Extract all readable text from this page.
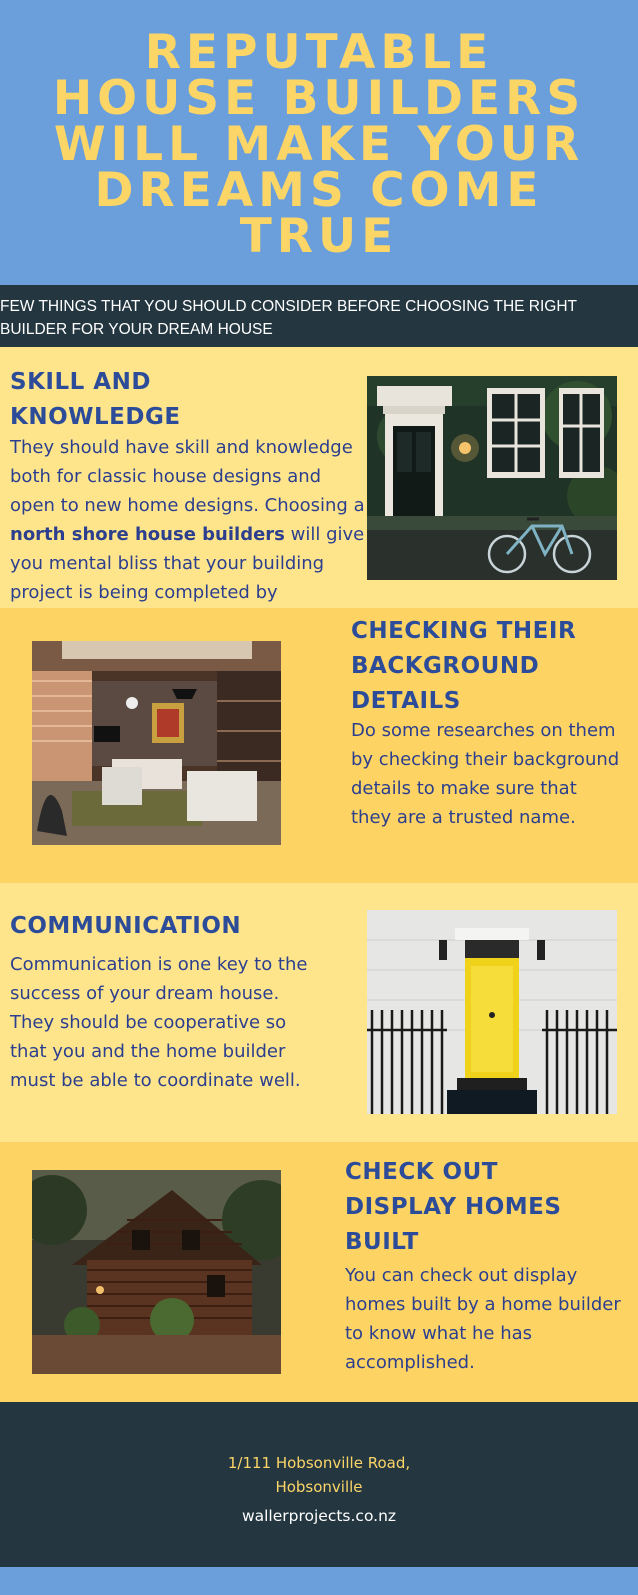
REPUTABLE
HOUSE BUILDERS
WILL MAKE YOUR
DREAMS COME
TRUE

FEW THINGS THAT YOU SHOULD CONSIDER BEFORE CHOOSING THE RIGHT
BUILDER FOR YOUR DREAM HOUSE

SKILL AND
KNOWLEDGE

They should have skill and knowledge both for classic house designs and open to new home designs. Choosing a north shore house builders will give you mental bliss that your building project is being completed by

CHECKING THEIR
BACKGROUND
DETAILS

Do some researches on them by checking their background details to make sure that they are a trusted name.

COMMUNICATION

Communication is one key to the success of your dream house. They should be cooperative so that you and the home builder must be able to coordinate well.

CHECK OUT
DISPLAY HOMES
BUILT

You can check out display homes built by a home builder to know what he has accomplished.

1/111 Hobsonville Road,
Hobsonville

wallerprojects.co.nz
